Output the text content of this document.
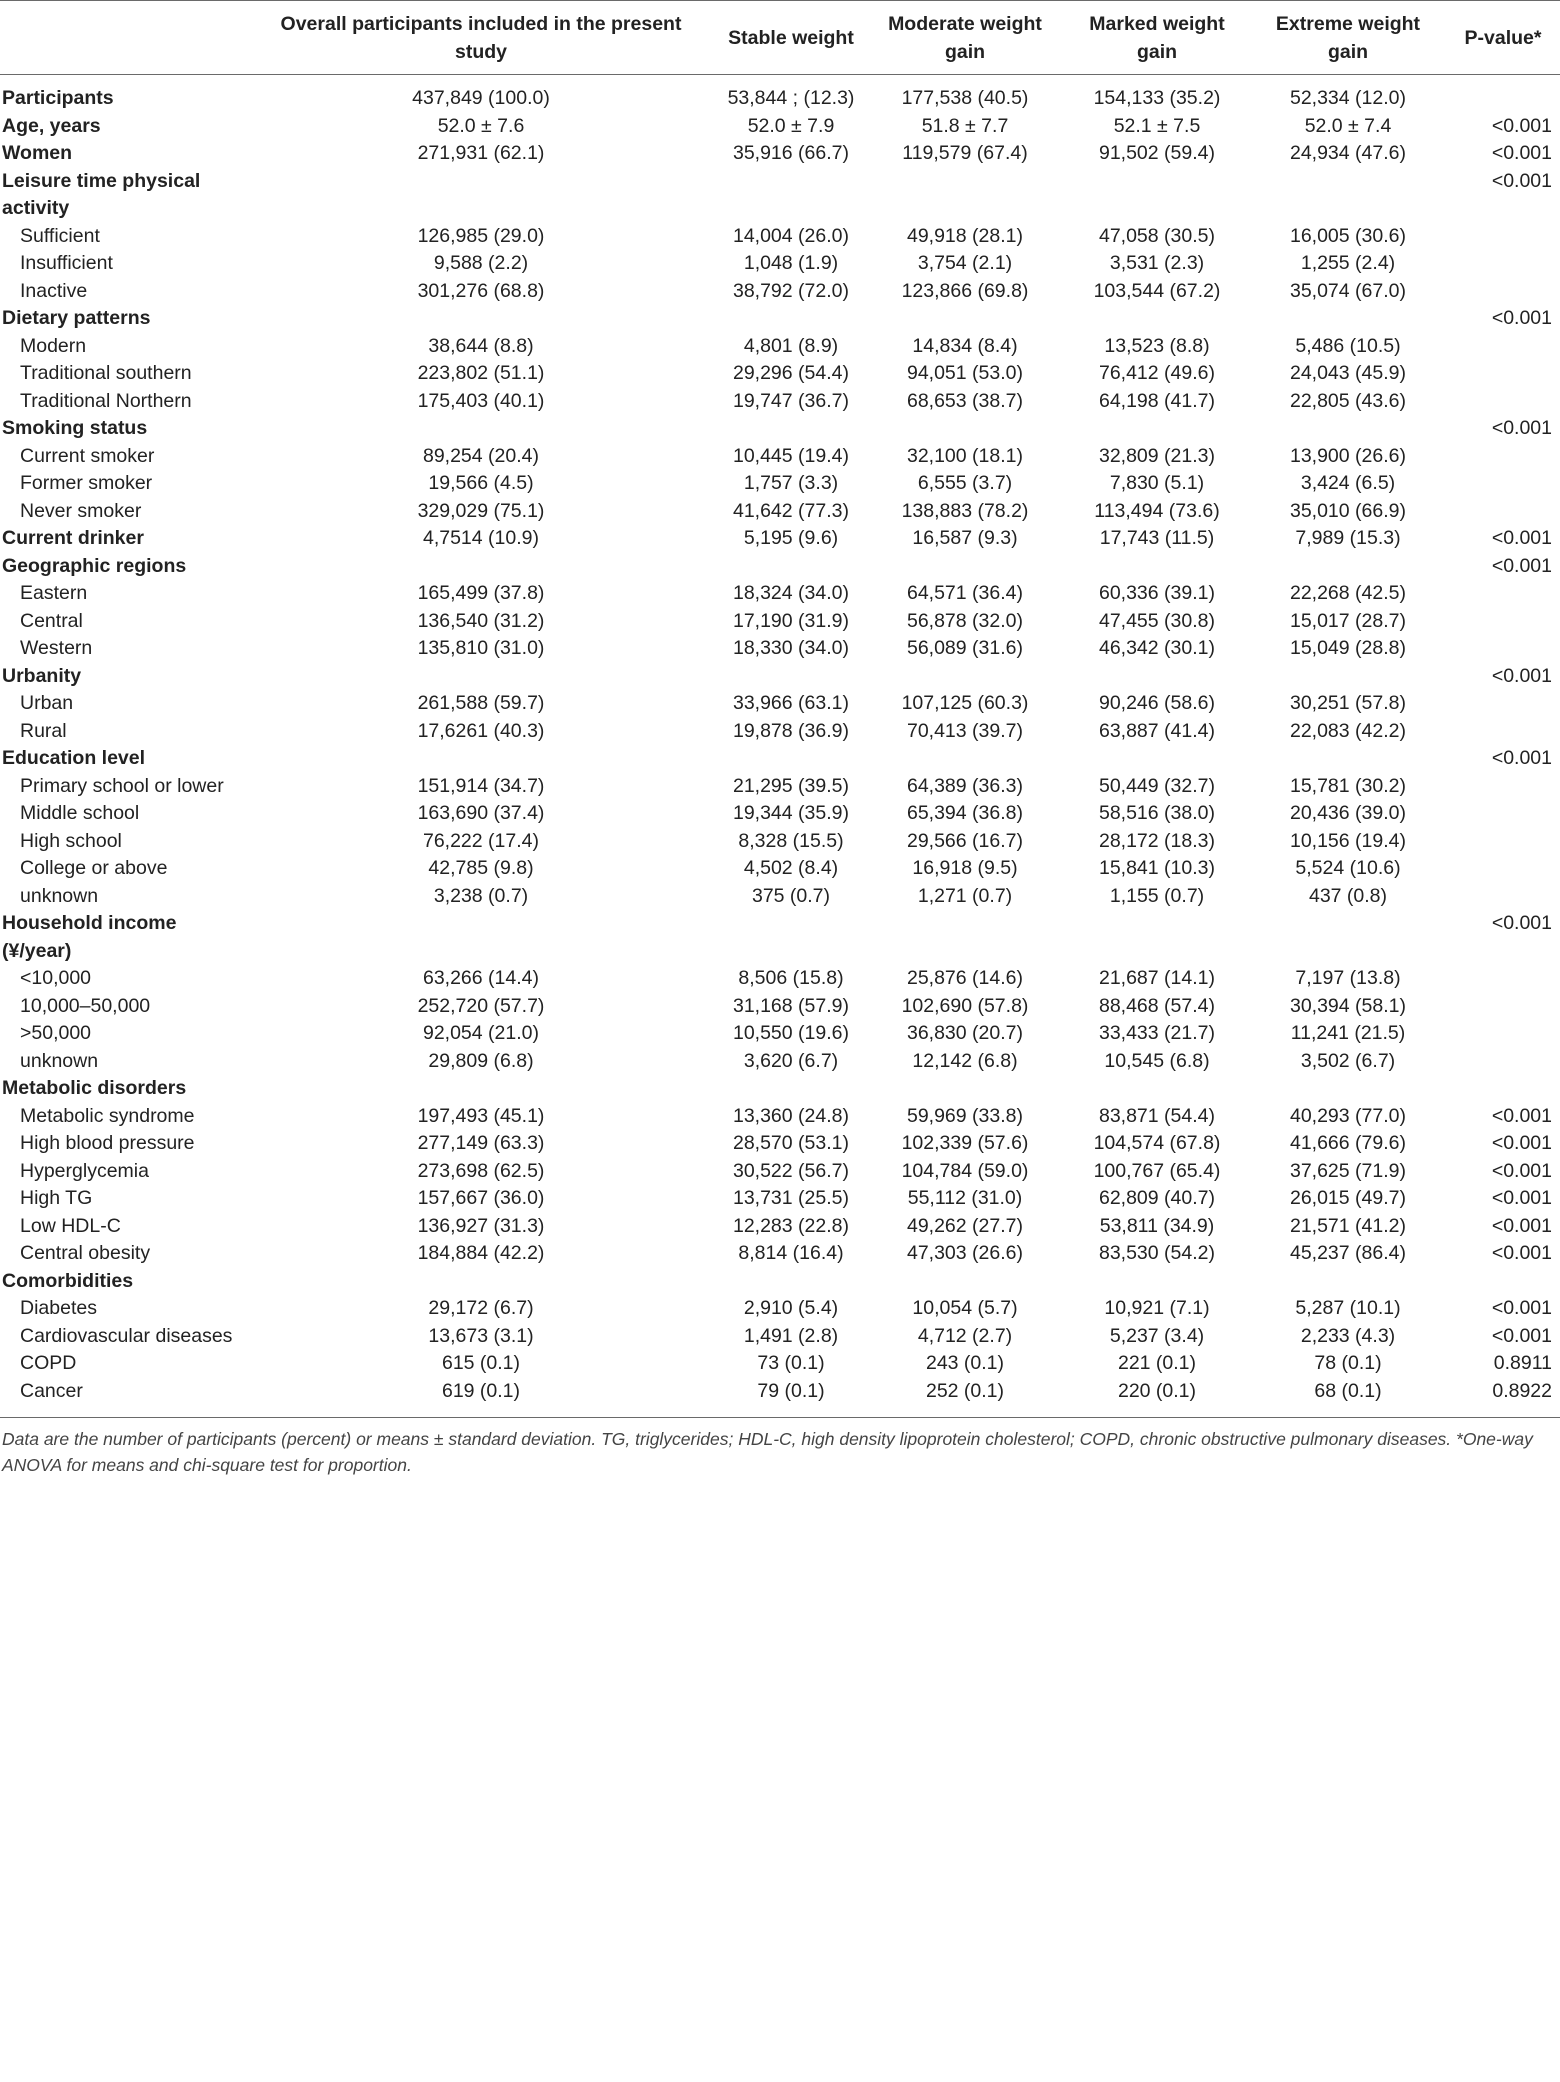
	Overall participants included in the present study	Stable weight	Moderate weight gain	Marked weight gain	Extreme weight gain	P-value*
Participants	437,849 (100.0)	53,844 ; (12.3)	177,538 (40.5)	154,133 (35.2)	52,334 (12.0)	
Age, years	52.0 ± 7.6	52.0 ± 7.9	51.8 ± 7.7	52.1 ± 7.5	52.0 ± 7.4	<0.001
Women	271,931 (62.1)	35,916 (66.7)	119,579 (67.4)	91,502 (59.4)	24,934 (47.6)	<0.001
Leisure time physical activity						<0.001
Sufficient	126,985 (29.0)	14,004 (26.0)	49,918 (28.1)	47,058 (30.5)	16,005 (30.6)	
Insufficient	9,588 (2.2)	1,048 (1.9)	3,754 (2.1)	3,531 (2.3)	1,255 (2.4)	
Inactive	301,276 (68.8)	38,792 (72.0)	123,866 (69.8)	103,544 (67.2)	35,074 (67.0)	
Dietary patterns						<0.001
Modern	38,644 (8.8)	4,801 (8.9)	14,834 (8.4)	13,523 (8.8)	5,486 (10.5)	
Traditional southern	223,802 (51.1)	29,296 (54.4)	94,051 (53.0)	76,412 (49.6)	24,043 (45.9)	
Traditional Northern	175,403 (40.1)	19,747 (36.7)	68,653 (38.7)	64,198 (41.7)	22,805 (43.6)	
Smoking status						<0.001
Current smoker	89,254 (20.4)	10,445 (19.4)	32,100 (18.1)	32,809 (21.3)	13,900 (26.6)	
Former smoker	19,566 (4.5)	1,757 (3.3)	6,555 (3.7)	7,830 (5.1)	3,424 (6.5)	
Never smoker	329,029 (75.1)	41,642 (77.3)	138,883 (78.2)	113,494 (73.6)	35,010 (66.9)	
Current drinker	4,7514 (10.9)	5,195 (9.6)	16,587 (9.3)	17,743 (11.5)	7,989 (15.3)	<0.001
Geographic regions						<0.001
Eastern	165,499 (37.8)	18,324 (34.0)	64,571 (36.4)	60,336 (39.1)	22,268 (42.5)	
Central	136,540 (31.2)	17,190 (31.9)	56,878 (32.0)	47,455 (30.8)	15,017 (28.7)	
Western	135,810 (31.0)	18,330 (34.0)	56,089 (31.6)	46,342 (30.1)	15,049 (28.8)	
Urbanity						<0.001
Urban	261,588 (59.7)	33,966 (63.1)	107,125 (60.3)	90,246 (58.6)	30,251 (57.8)	
Rural	17,6261 (40.3)	19,878 (36.9)	70,413 (39.7)	63,887 (41.4)	22,083 (42.2)	
Education level						<0.001
Primary school or lower	151,914 (34.7)	21,295 (39.5)	64,389 (36.3)	50,449 (32.7)	15,781 (30.2)	
Middle school	163,690 (37.4)	19,344 (35.9)	65,394 (36.8)	58,516 (38.0)	20,436 (39.0)	
High school	76,222 (17.4)	8,328 (15.5)	29,566 (16.7)	28,172 (18.3)	10,156 (19.4)	
College or above	42,785 (9.8)	4,502 (8.4)	16,918 (9.5)	15,841 (10.3)	5,524 (10.6)	
unknown	3,238 (0.7)	375 (0.7)	1,271 (0.7)	1,155 (0.7)	437 (0.8)	
Household income (¥/year)						<0.001
<10,000	63,266 (14.4)	8,506 (15.8)	25,876 (14.6)	21,687 (14.1)	7,197 (13.8)	
10,000–50,000	252,720 (57.7)	31,168 (57.9)	102,690 (57.8)	88,468 (57.4)	30,394 (58.1)	
>50,000	92,054 (21.0)	10,550 (19.6)	36,830 (20.7)	33,433 (21.7)	11,241 (21.5)	
unknown	29,809 (6.8)	3,620 (6.7)	12,142 (6.8)	10,545 (6.8)	3,502 (6.7)	
Metabolic disorders						
Metabolic syndrome	197,493 (45.1)	13,360 (24.8)	59,969 (33.8)	83,871 (54.4)	40,293 (77.0)	<0.001
High blood pressure	277,149 (63.3)	28,570 (53.1)	102,339 (57.6)	104,574 (67.8)	41,666 (79.6)	<0.001
Hyperglycemia	273,698 (62.5)	30,522 (56.7)	104,784 (59.0)	100,767 (65.4)	37,625 (71.9)	<0.001
High TG	157,667 (36.0)	13,731 (25.5)	55,112 (31.0)	62,809 (40.7)	26,015 (49.7)	<0.001
Low HDL-C	136,927 (31.3)	12,283 (22.8)	49,262 (27.7)	53,811 (34.9)	21,571 (41.2)	<0.001
Central obesity	184,884 (42.2)	8,814 (16.4)	47,303 (26.6)	83,530 (54.2)	45,237 (86.4)	<0.001
Comorbidities						
Diabetes	29,172 (6.7)	2,910 (5.4)	10,054 (5.7)	10,921 (7.1)	5,287 (10.1)	<0.001
Cardiovascular diseases	13,673 (3.1)	1,491 (2.8)	4,712 (2.7)	5,237 (3.4)	2,233 (4.3)	<0.001
COPD	615 (0.1)	73 (0.1)	243 (0.1)	221 (0.1)	78 (0.1)	0.8911
Cancer	619 (0.1)	79 (0.1)	252 (0.1)	220 (0.1)	68 (0.1)	0.8922
Data are the number of participants (percent) or means ± standard deviation. TG, triglycerides; HDL-C, high density lipoprotein cholesterol; COPD, chronic obstructive pulmonary diseases. *One-way ANOVA for means and chi-square test for proportion.						
